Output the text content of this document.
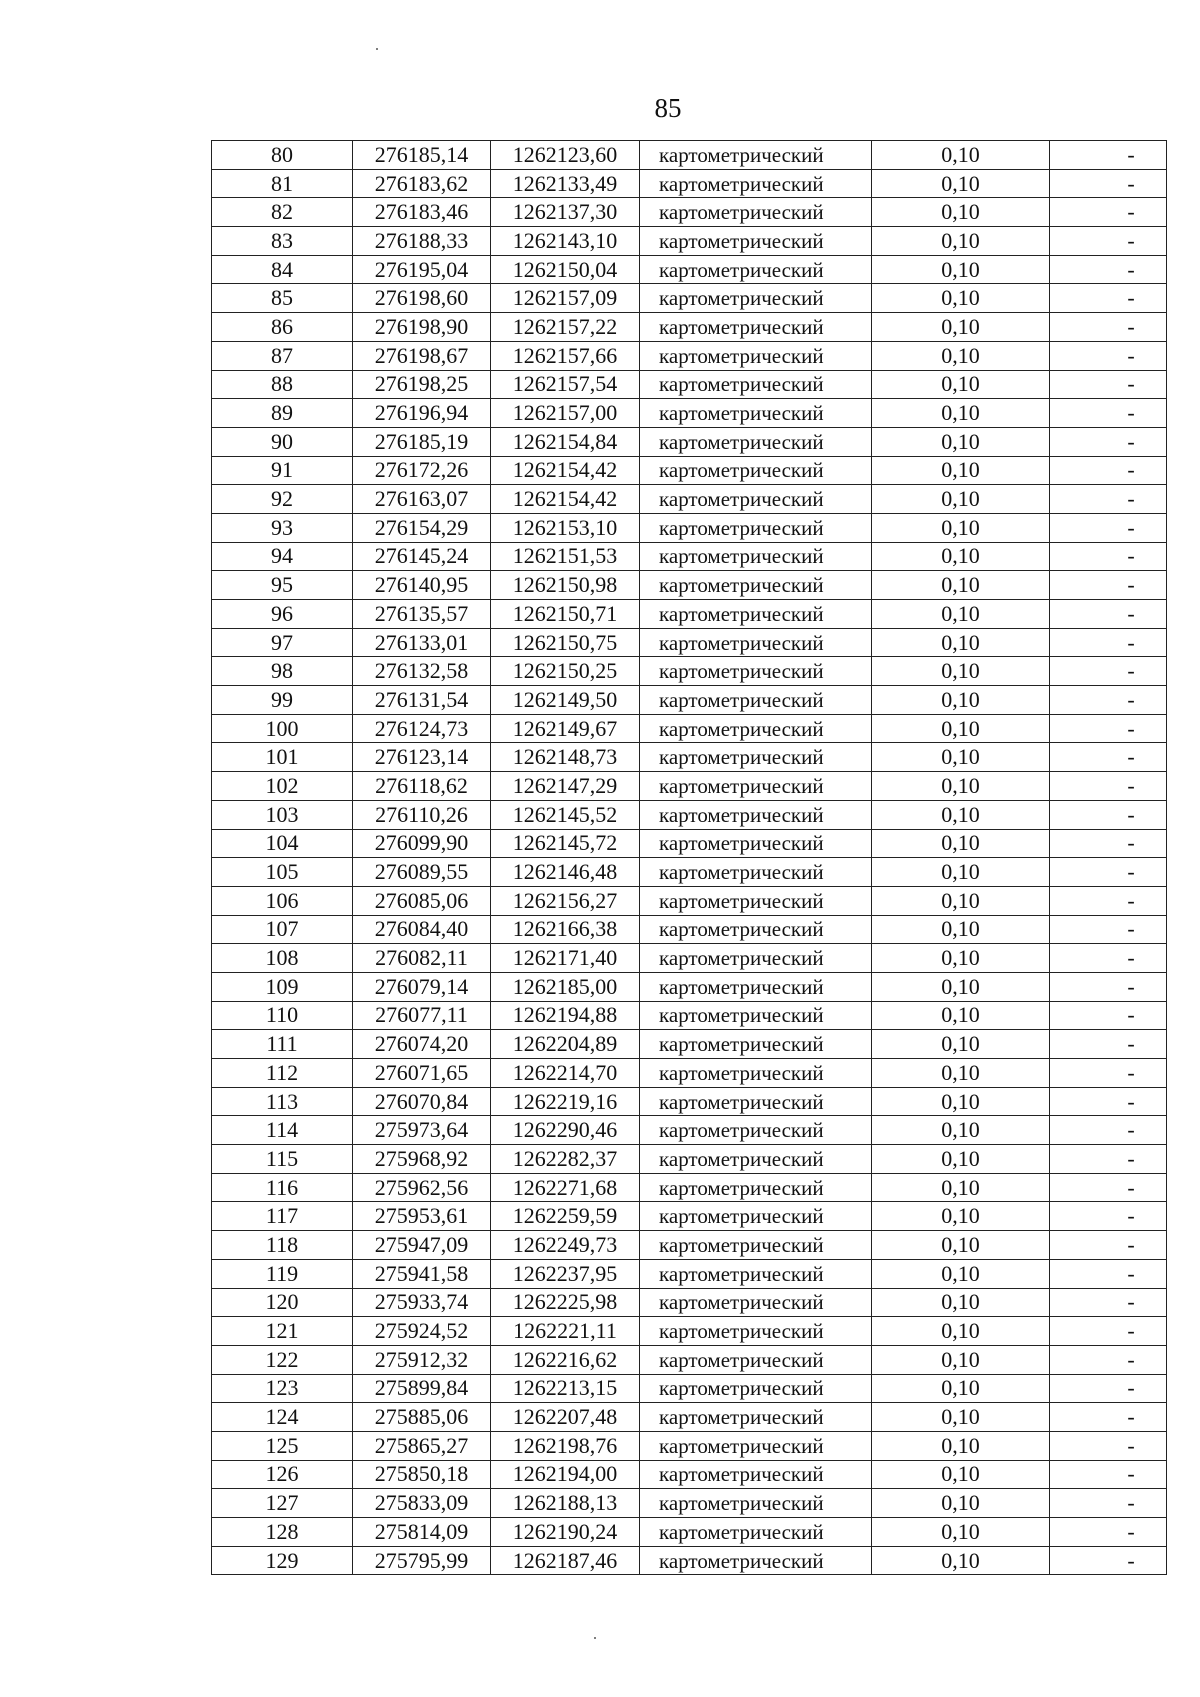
85
80	276185,14	1262123,60	картометрический	0,10	-
81	276183,62	1262133,49	картометрический	0,10	-
82	276183,46	1262137,30	картометрический	0,10	-
83	276188,33	1262143,10	картометрический	0,10	-
84	276195,04	1262150,04	картометрический	0,10	-
85	276198,60	1262157,09	картометрический	0,10	-
86	276198,90	1262157,22	картометрический	0,10	-
87	276198,67	1262157,66	картометрический	0,10	-
88	276198,25	1262157,54	картометрический	0,10	-
89	276196,94	1262157,00	картометрический	0,10	-
90	276185,19	1262154,84	картометрический	0,10	-
91	276172,26	1262154,42	картометрический	0,10	-
92	276163,07	1262154,42	картометрический	0,10	-
93	276154,29	1262153,10	картометрический	0,10	-
94	276145,24	1262151,53	картометрический	0,10	-
95	276140,95	1262150,98	картометрический	0,10	-
96	276135,57	1262150,71	картометрический	0,10	-
97	276133,01	1262150,75	картометрический	0,10	-
98	276132,58	1262150,25	картометрический	0,10	-
99	276131,54	1262149,50	картометрический	0,10	-
100	276124,73	1262149,67	картометрический	0,10	-
101	276123,14	1262148,73	картометрический	0,10	-
102	276118,62	1262147,29	картометрический	0,10	-
103	276110,26	1262145,52	картометрический	0,10	-
104	276099,90	1262145,72	картометрический	0,10	-
105	276089,55	1262146,48	картометрический	0,10	-
106	276085,06	1262156,27	картометрический	0,10	-
107	276084,40	1262166,38	картометрический	0,10	-
108	276082,11	1262171,40	картометрический	0,10	-
109	276079,14	1262185,00	картометрический	0,10	-
110	276077,11	1262194,88	картометрический	0,10	-
111	276074,20	1262204,89	картометрический	0,10	-
112	276071,65	1262214,70	картометрический	0,10	-
113	276070,84	1262219,16	картометрический	0,10	-
114	275973,64	1262290,46	картометрический	0,10	-
115	275968,92	1262282,37	картометрический	0,10	-
116	275962,56	1262271,68	картометрический	0,10	-
117	275953,61	1262259,59	картометрический	0,10	-
118	275947,09	1262249,73	картометрический	0,10	-
119	275941,58	1262237,95	картометрический	0,10	-
120	275933,74	1262225,98	картометрический	0,10	-
121	275924,52	1262221,11	картометрический	0,10	-
122	275912,32	1262216,62	картометрический	0,10	-
123	275899,84	1262213,15	картометрический	0,10	-
124	275885,06	1262207,48	картометрический	0,10	-
125	275865,27	1262198,76	картометрический	0,10	-
126	275850,18	1262194,00	картометрический	0,10	-
127	275833,09	1262188,13	картометрический	0,10	-
128	275814,09	1262190,24	картометрический	0,10	-
129	275795,99	1262187,46	картометрический	0,10	-
